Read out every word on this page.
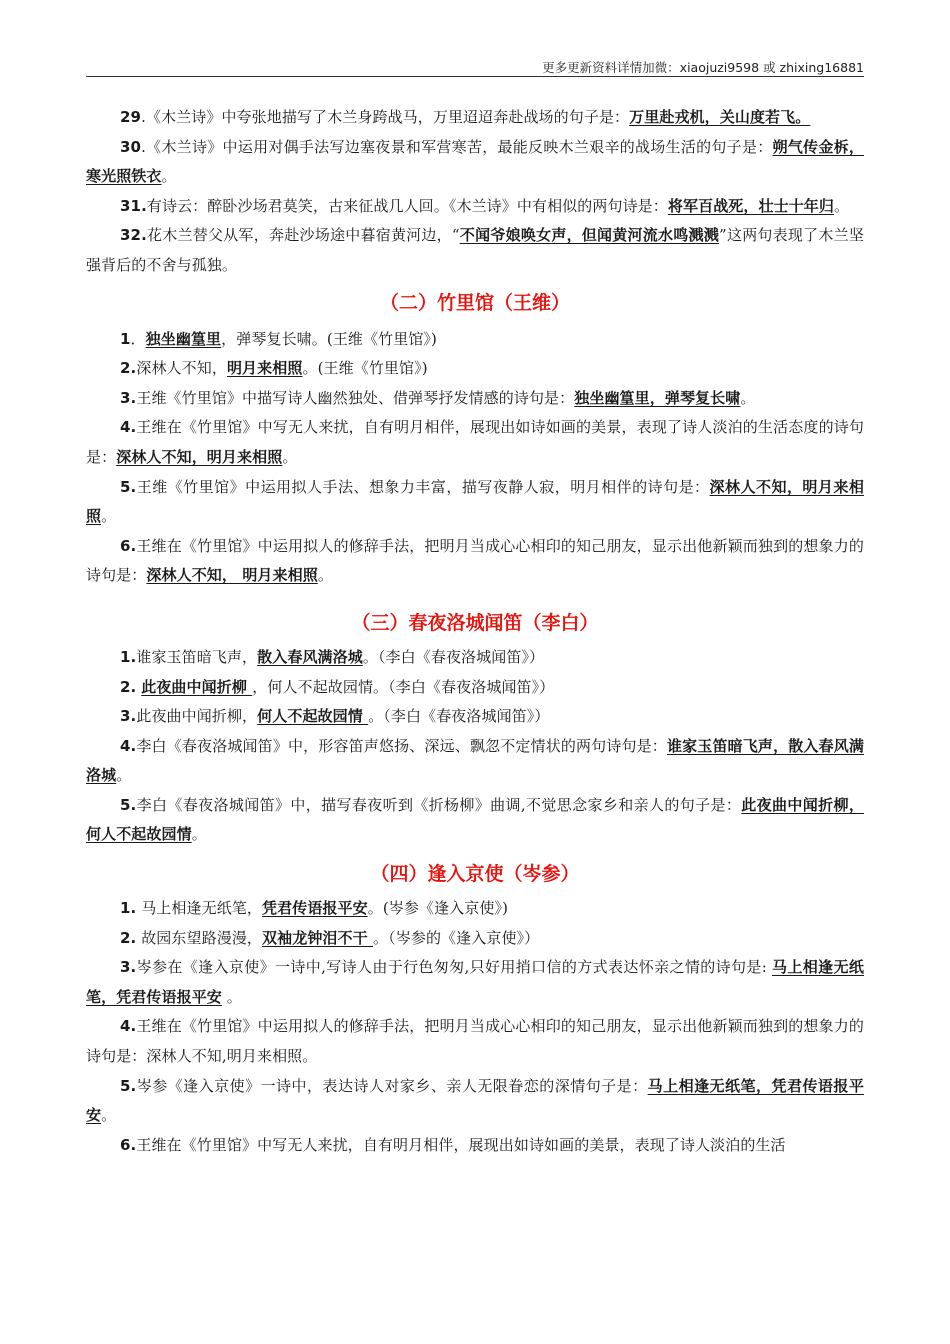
更多更新资料详情加微：xiaojuzi9598 或 zhixing16881

29.《木兰诗》中夸张地描写了木兰身跨战马，万里迢迢奔赴战场的句子是：万里赴戎机，关山度若飞。

30.《木兰诗》中运用对偶手法写边塞夜景和军营寒苦，最能反映木兰艰辛的战场生活的句子是：朔气传金柝，寒光照铁衣。

31.有诗云：醉卧沙场君莫笑，古来征战几人回。《木兰诗》中有相似的两句诗是：将军百战死，壮士十年归。

32.花木兰替父从军，奔赴沙场途中暮宿黄河边，“不闻爷娘唤女声，但闻黄河流水鸣溅溅”这两句表现了木兰坚强背后的不舍与孤独。

（二）竹里馆（王维）

1．独坐幽篁里，弹琴复长啸。(王维《竹里馆》)

2.深林人不知，明月来相照。(王维《竹里馆》)

3.王维《竹里馆》中描写诗人幽然独处、借弹琴抒发情感的诗句是：独坐幽篁里，弹琴复长啸。

4.王维在《竹里馆》中写无人来扰，自有明月相伴，展现出如诗如画的美景，表现了诗人淡泊的生活态度的诗句是：深林人不知，明月来相照。

5.王维《竹里馆》中运用拟人手法、想象力丰富，描写夜静人寂，明月相伴的诗句是：深林人不知，明月来相照。

6.王维在《竹里馆》中运用拟人的修辞手法，把明月当成心心相印的知己朋友，显示出他新颖而独到的想象力的诗句是：深林人不知， 明月来相照。

（三）春夜洛城闻笛（李白）

1.谁家玉笛暗飞声，散入春风满洛城。（李白《春夜洛城闻笛》）

2. 此夜曲中闻折柳 ，何人不起故园情。（李白《春夜洛城闻笛》）

3.此夜曲中闻折柳，何人不起故园情 。（李白《春夜洛城闻笛》）

4.李白《春夜洛城闻笛》中，形容笛声悠扬、深远、飘忽不定情状的两句诗句是：谁家玉笛暗飞声，散入春风满洛城。

5.李白《春夜洛城闻笛》中，描写春夜听到《折杨柳》曲调,不觉思念家乡和亲人的句子是：此夜曲中闻折柳，何人不起故园情。

（四）逢入京使（岑参）

1. 马上相逢无纸笔，凭君传语报平安。(岑参《逢入京使》)

2. 故园东望路漫漫，双袖龙钟泪不干 。（岑参的《逢入京使》）

3.岑参在《逢入京使》一诗中,写诗人由于行色匆匆,只好用捎口信的方式表达怀亲之情的诗句是: 马上相逢无纸笔，凭君传语报平安 。

4.王维在《竹里馆》中运用拟人的修辞手法，把明月当成心心相印的知己朋友，显示出他新颖而独到的想象力的诗句是：深林人不知,明月来相照。

5.岑参《逢入京使》一诗中，表达诗人对家乡、亲人无限眷恋的深情句子是：马上相逢无纸笔，凭君传语报平安。

6.王维在《竹里馆》中写无人来扰，自有明月相伴，展现出如诗如画的美景，表现了诗人淡泊的生活
